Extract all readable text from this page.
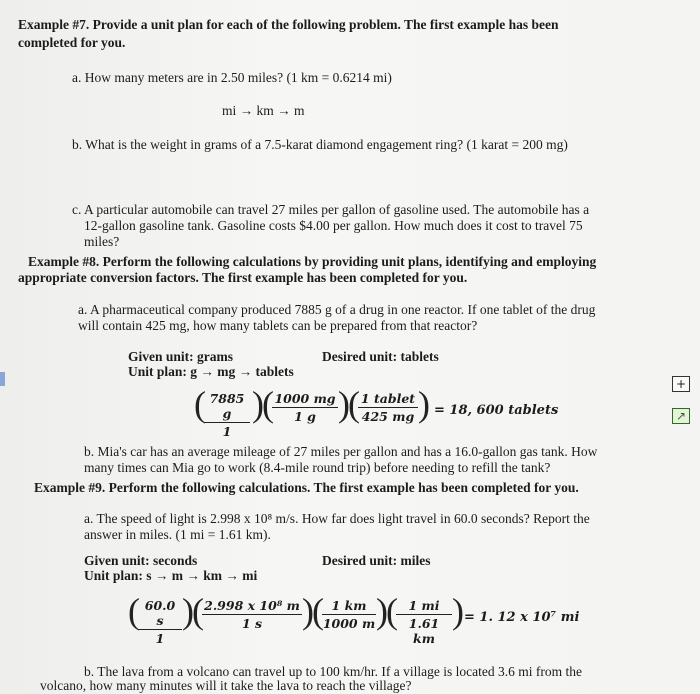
Example #7. Provide a unit plan for each of the following problem. The first example has been
completed for you.
a. How many meters are in 2.50 miles? (1 km = 0.6214 mi)
mi → km → m
b. What is the weight in grams of a 7.5-karat diamond engagement ring? (1 karat = 200 mg)
c. A particular automobile can travel 27 miles per gallon of gasoline used. The automobile has a
12-gallon gasoline tank. Gasoline costs $4.00 per gallon. How much does it cost to travel 75
miles?
Example #8. Perform the following calculations by providing unit plans, identifying and employing
appropriate conversion factors. The first example has been completed for you.
a. A pharmaceutical company produced 7885 g of a drug in one reactor. If one tablet of the drug
will contain 425 mg, how many tablets can be prepared from that reactor?
Given unit: grams	Desired unit: tablets
Unit plan: g → mg → tablets
(
$\frac{7885 g}{1}$ )
(
$\frac{1000 mg}{1 g}$ )
( 1 tablet
425 mg ) = 18, 600 tablets
b. Mia's car has an average mileage of 27 miles per gallon and has a 16.0-gallon gas tank. How
many times can Mia go to work (8.4-mile round trip) before needing to refill the tank?
Example #9. Perform the following calculations. The first example has been completed for you.
a. The speed of light is 2.998 x 10⁸ m/s. How far does light travel in 60.0 seconds? Report the
answer in miles. (1 mi = 1.61 km).
Given unit: seconds	Desired unit: miles
Unit plan: s → m → km → mi
(
$\frac{60.0 s}{1}$ )
(
$\frac{\text{2.998 x 10⁸ m}}{1 s}$ )
(
$\frac{1 km}{1000 m}$ )
(
$\frac{1 mi}{1.61 km}$ ) = 1. 12 x 10⁷ mi
b. The lava from a volcano can travel up to 100 km/hr. If a village is located 3.6 mi from the
volcano, how many minutes will it take the lava to reach the village?
+
↗
